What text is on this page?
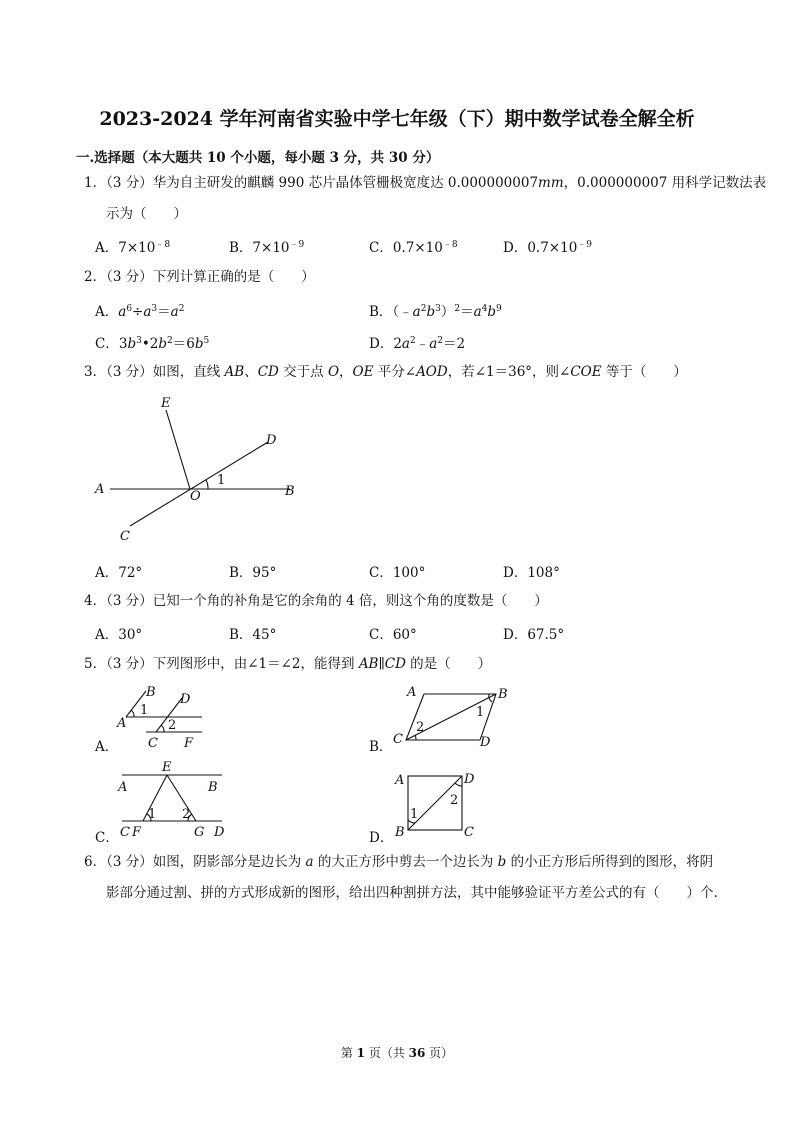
2023-2024 学年河南省实验中学七年级（下）期中数学试卷全解全析
一.选择题（本大题共 10 个小题，每小题 3 分，共 30 分）
1．（3 分）华为自主研发的麒麟 990 芯片晶体管栅极宽度达 0.000000007mm，0.000000007 用科学记数法表
示为（　　）
A．$7\times 10^{﹣8}$	B．$7\times 10^{﹣9}$	C．$0.7\times 10^{﹣8}$	D．$0.7\times 10^{﹣9}$
2．（3 分）下列计算正确的是（　　）
A．$a^6\div a^3=a^2$	B．$(﹣a^2b^3)^2=a^4b^9$
C．$3b^3•2b^2=6b^5$	D．$2a^2﹣a^2=2$
3．（3 分）如图，直线 AB、CD 交于点 O，OE 平分∠AOD，若∠1＝36°，则∠COE 等于（　　）
E
D
A	B
O
1
C
A．72°	B．95°	C．100°	D．108°
4．（3 分）已知一个角的补角是它的余角的 4 倍，则这个角的度数是（　　）
A．30°	B．45°	C．60°	D．67.5°
5．（3 分）下列图形中，由∠1＝∠2，能得到 AB∥CD 的是（　　）
A．
B D
A
1
2
C F	B．
A	B
C	D
1
2
C．
E
A	B
1 2
C F	G D	D．
A	D
1
2
B	C
6．（3 分）如图，阴影部分是边长为 a 的大正方形中剪去一个边长为 b 的小正方形后所得到的图形，将阴
影部分通过割、拼的方式形成新的图形，给出四种割拼方法，其中能够验证平方差公式的有（　　）个.
第 1 页（共 36 页）
